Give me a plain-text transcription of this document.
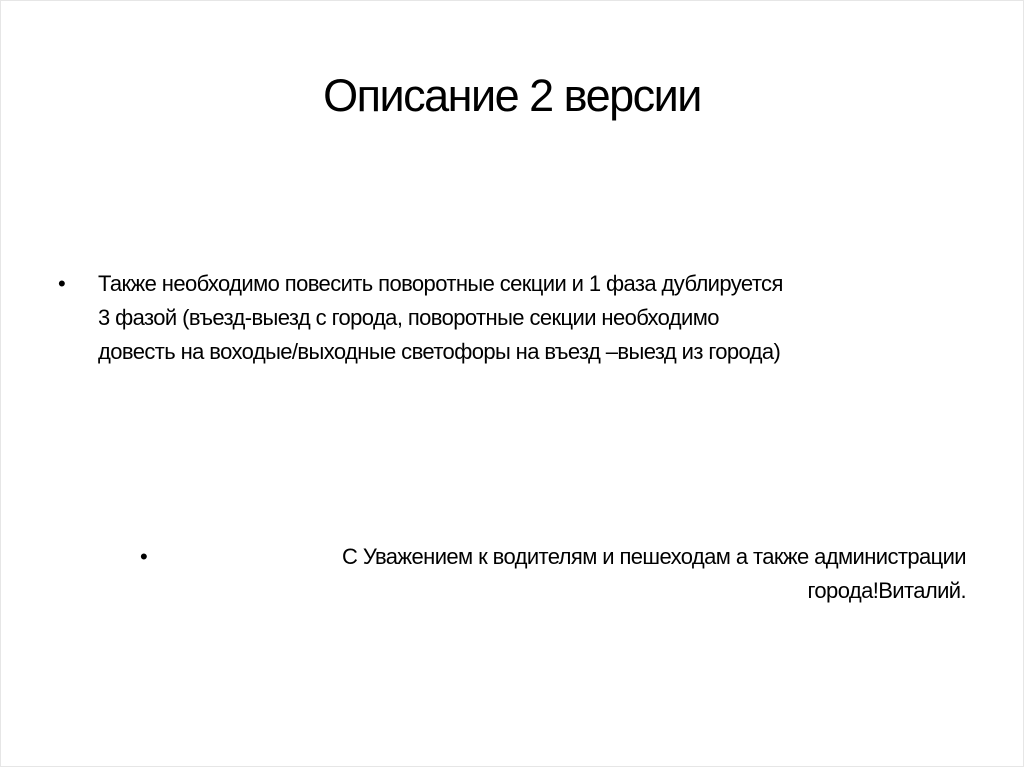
Описание 2 версии
• Также необходимо повесить поворотные секции и 1 фаза дублируется
3 фазой (въезд-выезд с города, поворотные секции необходимо
довесть на воходые/выходные светофоры на въезд –выезд из города)
•	С Уважением к водителям и пешеходам а также администрации
города!Виталий.
